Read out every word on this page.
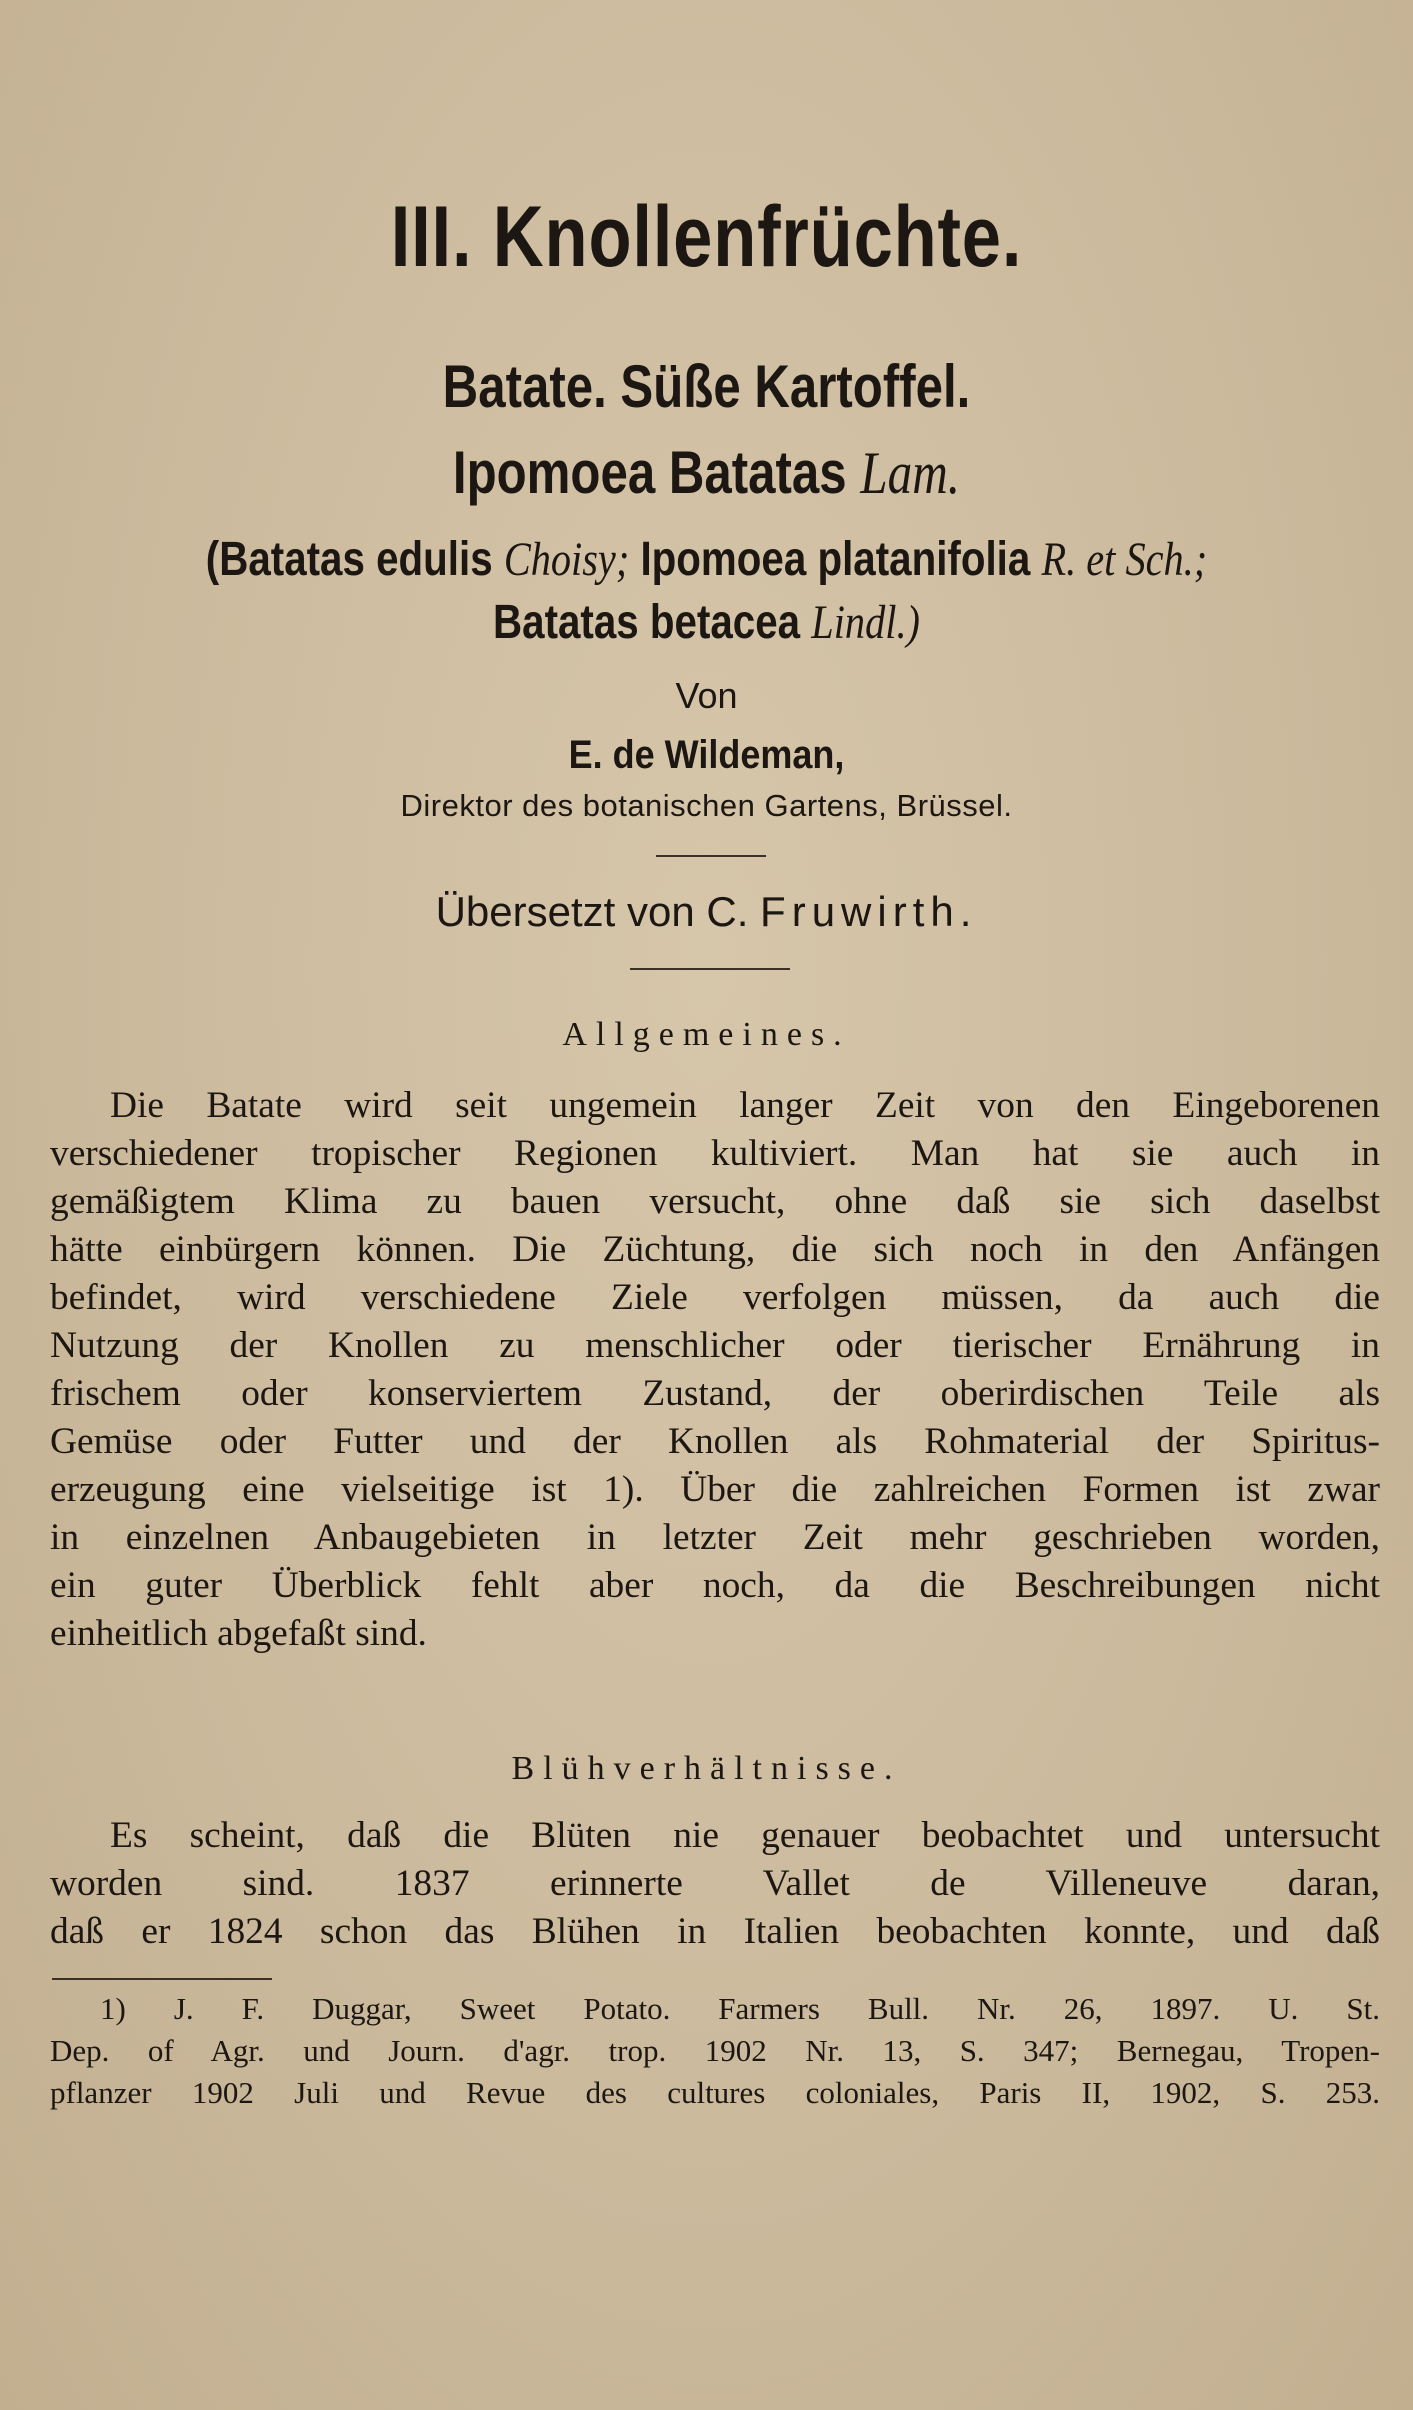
III. Knollenfrüchte.
Batate. Süße Kartoffel.
Ipomoea Batatas Lam.
(Batatas edulis Choisy; Ipomoea platanifolia R. et Sch.;
Batatas betacea Lindl.)
Von
E. de Wildeman,
Direktor des botanischen Gartens, Brüssel.
Übersetzt von C. Fruwirth.
Allgemeines.
Die Batate wird seit ungemein langer Zeit von den Eingeborenen
verschiedener tropischer Regionen kultiviert. Man hat sie auch in
gemäßigtem Klima zu bauen versucht, ohne daß sie sich daselbst
hätte einbürgern können. Die Züchtung, die sich noch in den Anfängen
befindet, wird verschiedene Ziele verfolgen müssen, da auch die
Nutzung der Knollen zu menschlicher oder tierischer Ernährung in
frischem oder konserviertem Zustand, der oberirdischen Teile als
Gemüse oder Futter und der Knollen als Rohmaterial der Spiritus-
erzeugung eine vielseitige ist 1). Über die zahlreichen Formen ist zwar
in einzelnen Anbaugebieten in letzter Zeit mehr geschrieben worden,
ein guter Überblick fehlt aber noch, da die Beschreibungen nicht
einheitlich abgefaßt sind.
Blühverhältnisse.
Es scheint, daß die Blüten nie genauer beobachtet und untersucht
worden sind. 1837 erinnerte Vallet de Villeneuve daran,
daß er 1824 schon das Blühen in Italien beobachten konnte, und daß
1) J. F. Duggar, Sweet Potato. Farmers Bull. Nr. 26, 1897. U. St.
Dep. of Agr. und Journ. d'agr. trop. 1902 Nr. 13, S. 347; Bernegau, Tropen-
pflanzer 1902 Juli und Revue des cultures coloniales, Paris II, 1902, S. 253.
